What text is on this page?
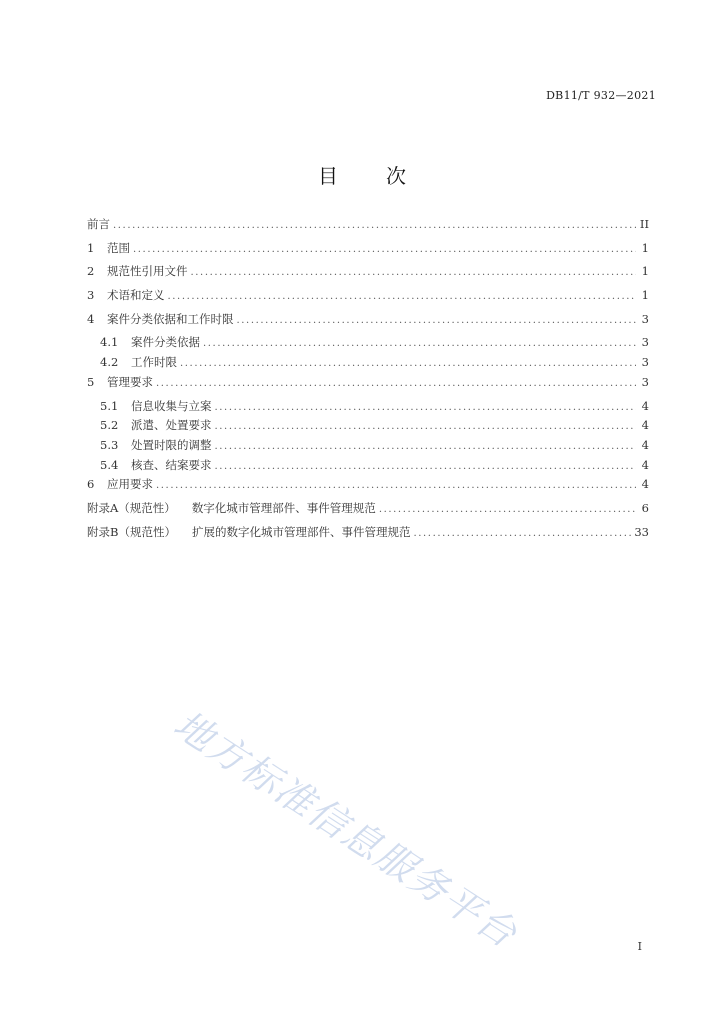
DB11/T 932—2021
目 次
前言 .....	II
1	范围 .....	1
2	规范性引用文件 .....	1
3	术语和定义 .....	1
4	案件分类依据和工作时限 .....	3
4.1	案件分类依据 .....	3
4.2	工作时限 .....	3
5	管理要求 .....	3
5.1	信息收集与立案 .....	4
5.2	派遣、处置要求 .....	4
5.3	处置时限的调整 .....	4
5.4	核查、结案要求 .....	4
6	应用要求 .....	4
附录A（规范性） 数字化城市管理部件、事件管理规范 .....	6
附录B（规范性） 扩展的数字化城市管理部件、事件管理规范 .....	33
地方标准信息服务平台	I
